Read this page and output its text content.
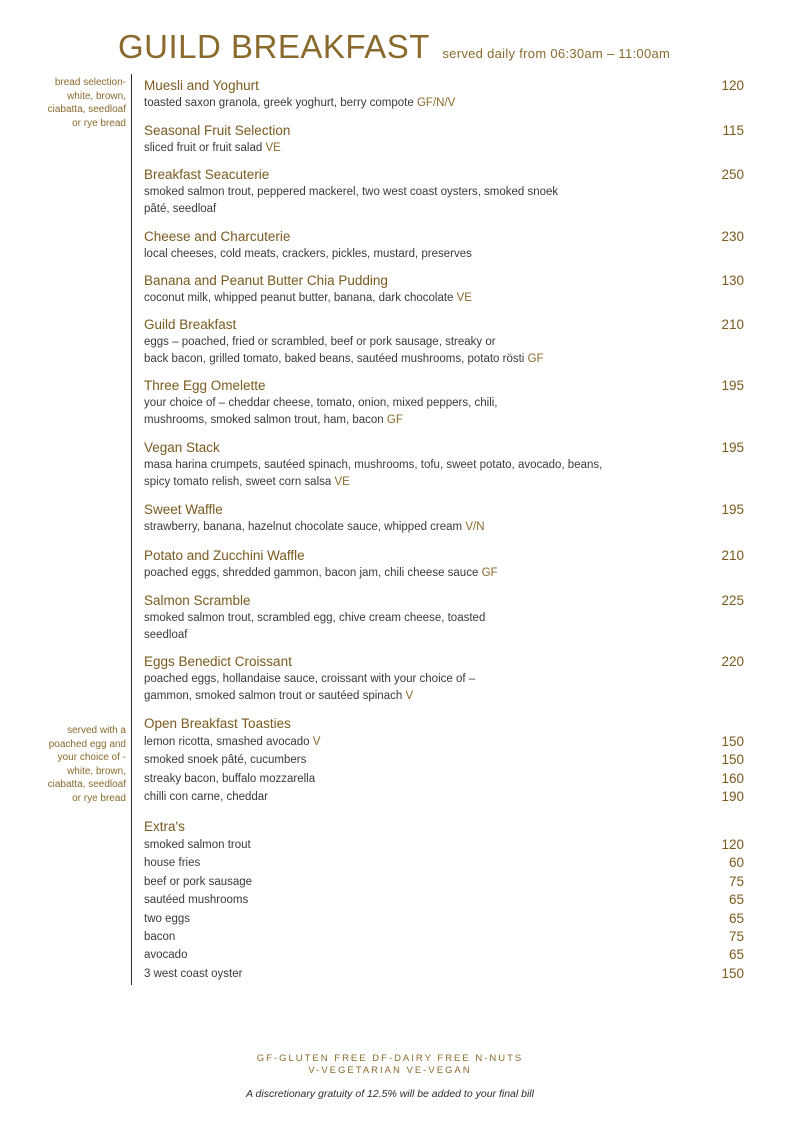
GUILD BREAKFAST served daily from 06:30am – 11:00am
bread selection-
white, brown,
ciabatta, seedloaf
or rye bread
served with a
poached egg and
your choice of -
white, brown,
ciabatta, seedloaf
or rye bread
Muesli and Yoghurt	120
toasted saxon granola, greek yoghurt, berry compote GF/N/V
Seasonal Fruit Selection	115
sliced fruit or fruit salad VE
Breakfast Seacuterie	250
smoked salmon trout, peppered mackerel, two west coast oysters, smoked snoek
pâté, seedloaf
Cheese and Charcuterie	230
local cheeses, cold meats, crackers, pickles, mustard, preserves
Banana and Peanut Butter Chia Pudding	130
coconut milk, whipped peanut butter, banana, dark chocolate VE
Guild Breakfast	210
eggs – poached, fried or scrambled, beef or pork sausage, streaky or
back bacon, grilled tomato, baked beans, sautéed mushrooms, potato rösti GF
Three Egg Omelette	195
your choice of – cheddar cheese, tomato, onion, mixed peppers, chili,
mushrooms, smoked salmon trout, ham, bacon GF
Vegan Stack	195
masa harina crumpets, sautéed spinach, mushrooms, tofu, sweet potato, avocado, beans,
spicy tomato relish, sweet corn salsa VE
Sweet Waffle	195
strawberry, banana, hazelnut chocolate sauce, whipped cream V/N
Potato and Zucchini Waffle	210
poached eggs, shredded gammon, bacon jam, chili cheese sauce GF
Salmon Scramble	225
smoked salmon trout, scrambled egg, chive cream cheese, toasted
seedloaf
Eggs Benedict Croissant	220
poached eggs, hollandaise sauce, croissant with your choice of –
gammon, smoked salmon trout or sautéed spinach V
Open Breakfast Toasties
lemon ricotta, smashed avocado V	150
smoked snoek pâté, cucumbers	150
streaky bacon, buffalo mozzarella	160
chilli con carne, cheddar	190
Extra's
smoked salmon trout	120
house fries	60
beef or pork sausage	75
sautéed mushrooms	65
two eggs	65
bacon	75
avocado	65
3 west coast oyster	150
GF-GLUTEN FREE DF-DAIRY FREE N-NUTS
V-VEGETARIAN VE-VEGAN
A discretionary gratuity of 12.5% will be added to your final bill
